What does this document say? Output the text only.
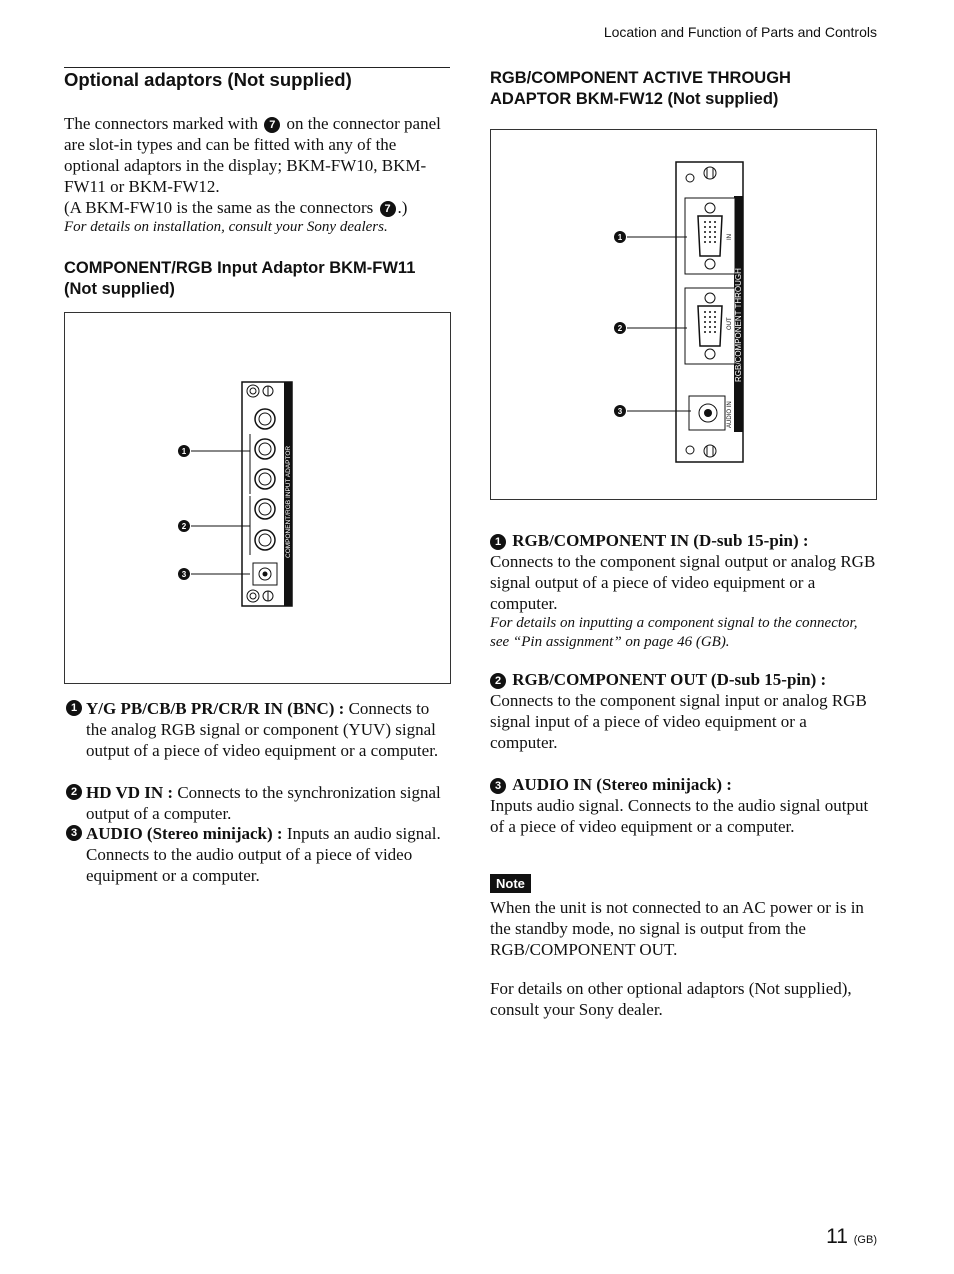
Location and Function of Parts and Controls
Optional adaptors (Not supplied)
The connectors marked with 7 on the connector panel are slot-in types and can be fitted with any of the optional adaptors in the display; BKM-FW10, BKM-FW11 or BKM-FW12.
(A BKM-FW10 is the same as the connectors 7 .)
For details on installation, consult your Sony dealers.
COMPONENT/RGB Input Adaptor BKM-FW11
(Not supplied)
COMPONENT/RGB INPUT ADAPTOR
1
2
3
1 Y/G PB/CB/B PR/CR/R IN (BNC) : Connects to the analog RGB signal or component (YUV) signal output of a piece of video equipment or a computer.
2 HD VD IN : Connects to the synchronization signal output of a computer.
3 AUDIO (Stereo minijack) : Inputs an audio signal. Connects to the audio output of a piece of video equipment or a computer.
RGB/COMPONENT ACTIVE THROUGH
ADAPTOR BKM-FW12 (Not supplied)
RGB/COMPONENT THROUGH
IN
OUT
AUDIO IN
1
2
3
1 RGB/COMPONENT IN (D-sub 15-pin) :
Connects to the component signal output or analog RGB signal output of a piece of video equipment or a computer.
For details on inputting a component signal to the connector, see “Pin assignment” on page 46 (GB).
2 RGB/COMPONENT OUT (D-sub 15-pin) :
Connects to the component signal input or analog RGB signal input of a piece of video equipment or a computer.
3 AUDIO IN (Stereo minijack) :
Inputs audio signal. Connects to the audio signal output of a piece of video equipment or a computer.
Note
When the unit is not connected to an AC power or is in the standby mode, no signal is output from the RGB/COMPONENT OUT.
For details on other optional adaptors (Not supplied), consult your Sony dealer.
11 (GB)
